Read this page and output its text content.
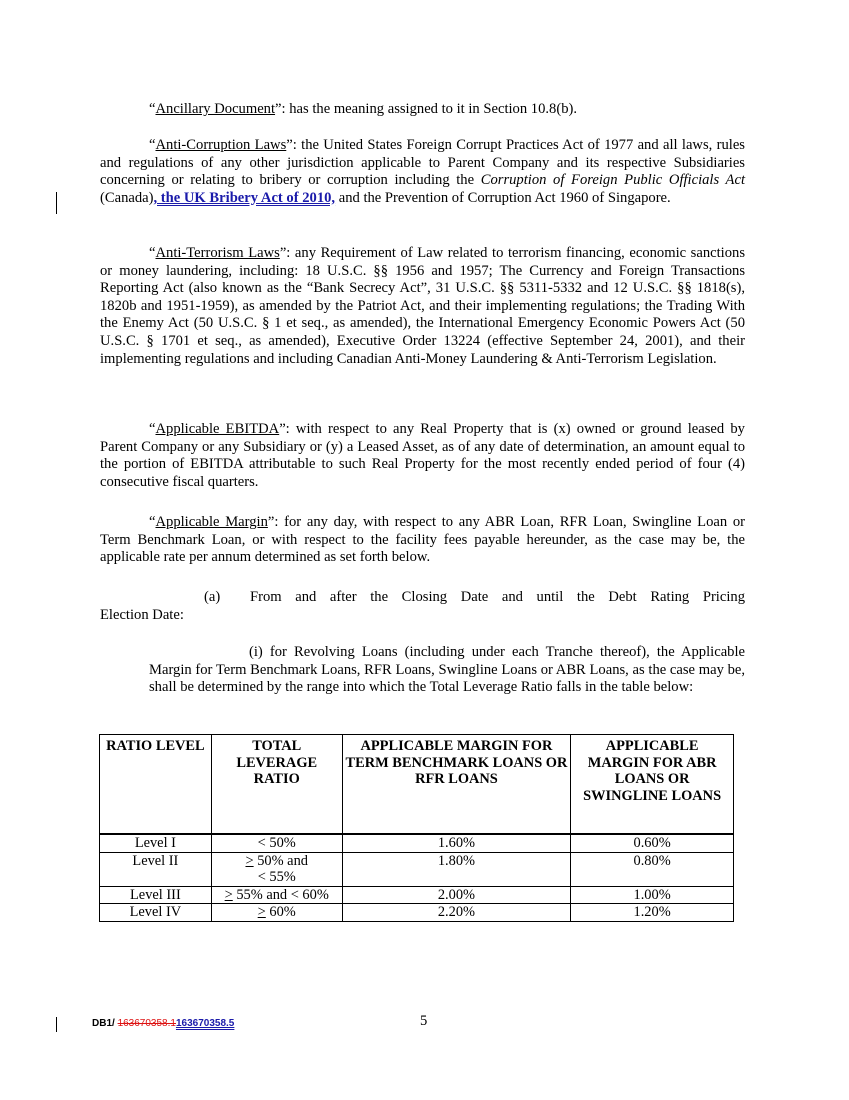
“Ancillary Document”: has the meaning assigned to it in Section 10.8(b).

“Anti-Corruption Laws”: the United States Foreign Corrupt Practices Act of 1977 and all laws, rules and regulations of any other jurisdiction applicable to Parent Company and its respective Subsidiaries concerning or relating to bribery or corruption including the Corruption of Foreign Public Officials Act (Canada), the UK Bribery Act of 2010, and the Prevention of Corruption Act 1960 of Singapore.

“Anti-Terrorism Laws”: any Requirement of Law related to terrorism financing, economic sanctions or money laundering, including: 18 U.S.C. §§ 1956 and 1957; The Currency and Foreign Transactions Reporting Act (also known as the “Bank Secrecy Act”, 31 U.S.C. §§ 5311-5332 and 12 U.S.C. §§ 1818(s), 1820b and 1951-1959), as amended by the Patriot Act, and their implementing regulations; the Trading With the Enemy Act (50 U.S.C. § 1 et seq., as amended), the International Emergency Economic Powers Act (50 U.S.C. § 1701 et seq., as amended), Executive Order 13224 (effective September 24, 2001), and their implementing regulations and including Canadian Anti-Money Laundering & Anti-Terrorism Legislation.

“Applicable EBITDA”: with respect to any Real Property that is (x) owned or ground leased by Parent Company or any Subsidiary or (y) a Leased Asset, as of any date of determination, an amount equal to the portion of EBITDA attributable to such Real Property for the most recently ended period of four (4) consecutive fiscal quarters.

“Applicable Margin”: for any day, with respect to any ABR Loan, RFR Loan, Swingline Loan or Term Benchmark Loan, or with respect to the facility fees payable hereunder, as the case may be, the applicable rate per annum determined as set forth below.

(a) From and after the Closing Date and until the Debt Rating Pricing
Election Date:

(i) for Revolving Loans (including under each Tranche thereof), the Applicable Margin for Term Benchmark Loans, RFR Loans, Swingline Loans or ABR Loans, as the case may be, shall be determined by the range into which the Total Leverage Ratio falls in the table below:

RATIO LEVEL	TOTAL LEVERAGE RATIO	APPLICABLE MARGIN FOR TERM BENCHMARK LOANS OR RFR LOANS	APPLICABLE MARGIN FOR ABR LOANS OR SWINGLINE LOANS
Level I	< 50%	1.60%	0.60%
Level II	> 50% and
< 55%	1.80%	0.80%
Level III	> 55% and < 60%	2.00%	1.00%
Level IV	> 60%	2.20%	1.20%
DB1/ 163670358.1163670358.5	5
